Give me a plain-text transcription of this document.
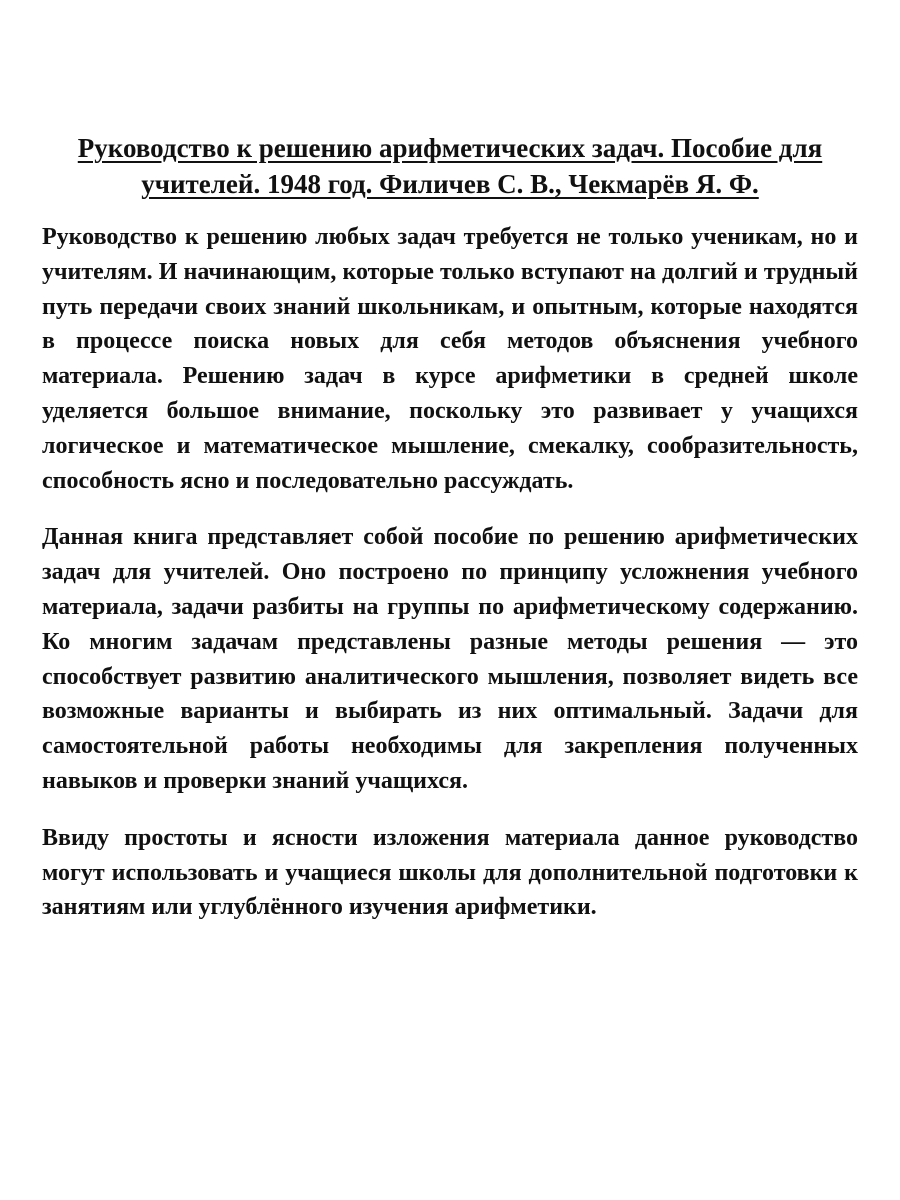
Руководство к решению арифметических задач. Пособие для учителей. 1948 год. Филичев С. В., Чекмарёв Я. Ф.

Руководство к решению любых задач требуется не только ученикам, но и учителям. И начинающим, которые только вступают на долгий и трудный путь передачи своих знаний школьникам, и опытным, которые находятся в процессе поиска новых для себя методов объяснения учебного материала. Решению задач в курсе арифметики в средней школе уделяется большое внимание, поскольку это развивает у учащихся логическое и математическое мышление, смекалку, сообразительность, способность ясно и последовательно рассуждать.

Данная книга представляет собой пособие по решению арифметических задач для учителей. Оно построено по принципу усложнения учебного материала, задачи разбиты на группы по арифметическому содержанию. Ко многим задачам представлены разные методы решения — это способствует развитию аналитического мышления, позволяет видеть все возможные варианты и выбирать из них оптимальный. Задачи для самостоятельной работы необходимы для закрепления полученных навыков и проверки знаний учащихся.

Ввиду простоты и ясности изложения материала данное руководство могут использовать и учащиеся школы для дополнительной подготовки к занятиям или углублённого изучения арифметики.
